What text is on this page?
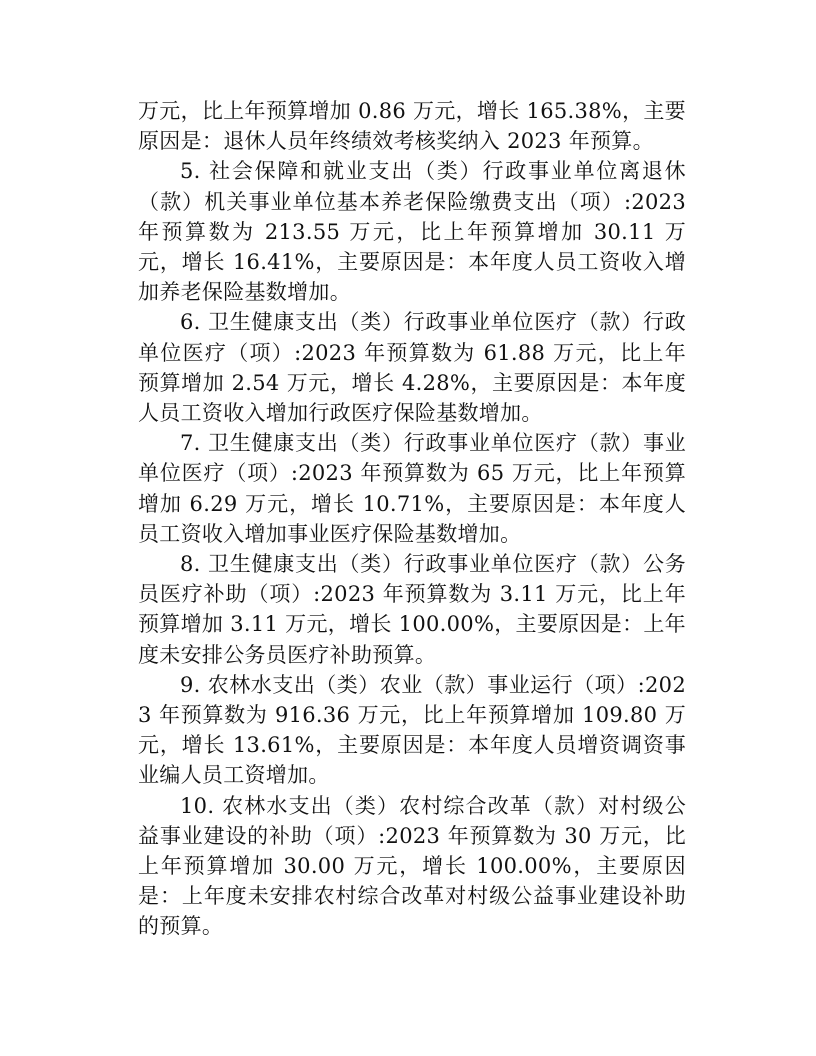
万元，比上年预算增加 0.86 万元，增长 165.38%，主要原因是：退休人员年终绩效考核奖纳入 2023 年预算。

5. 社会保障和就业支出（类）行政事业单位离退休（款）机关事业单位基本养老保险缴费支出（项）:2023 年预算数为 213.55 万元，比上年预算增加 30.11 万元，增长 16.41%，主要原因是：本年度人员工资收入增加养老保险基数增加。

6. 卫生健康支出（类）行政事业单位医疗（款）行政单位医疗（项）:2023 年预算数为 61.88 万元，比上年预算增加 2.54 万元，增长 4.28%，主要原因是：本年度人员工资收入增加行政医疗保险基数增加。

7. 卫生健康支出（类）行政事业单位医疗（款）事业单位医疗（项）:2023 年预算数为 65 万元，比上年预算增加 6.29 万元，增长 10.71%，主要原因是：本年度人员工资收入增加事业医疗保险基数增加。

8. 卫生健康支出（类）行政事业单位医疗（款）公务员医疗补助（项）:2023 年预算数为 3.11 万元，比上年预算增加 3.11 万元，增长 100.00%，主要原因是：上年度未安排公务员医疗补助预算。

9. 农林水支出（类）农业（款）事业运行（项）:2023 年预算数为 916.36 万元，比上年预算增加 109.80 万元，增长 13.61%，主要原因是：本年度人员增资调资事业编人员工资增加。

10. 农林水支出（类）农村综合改革（款）对村级公益事业建设的补助（项）:2023 年预算数为 30 万元，比上年预算增加 30.00 万元，增长 100.00%，主要原因是：上年度未安排农村综合改革对村级公益事业建设补助的预算。
